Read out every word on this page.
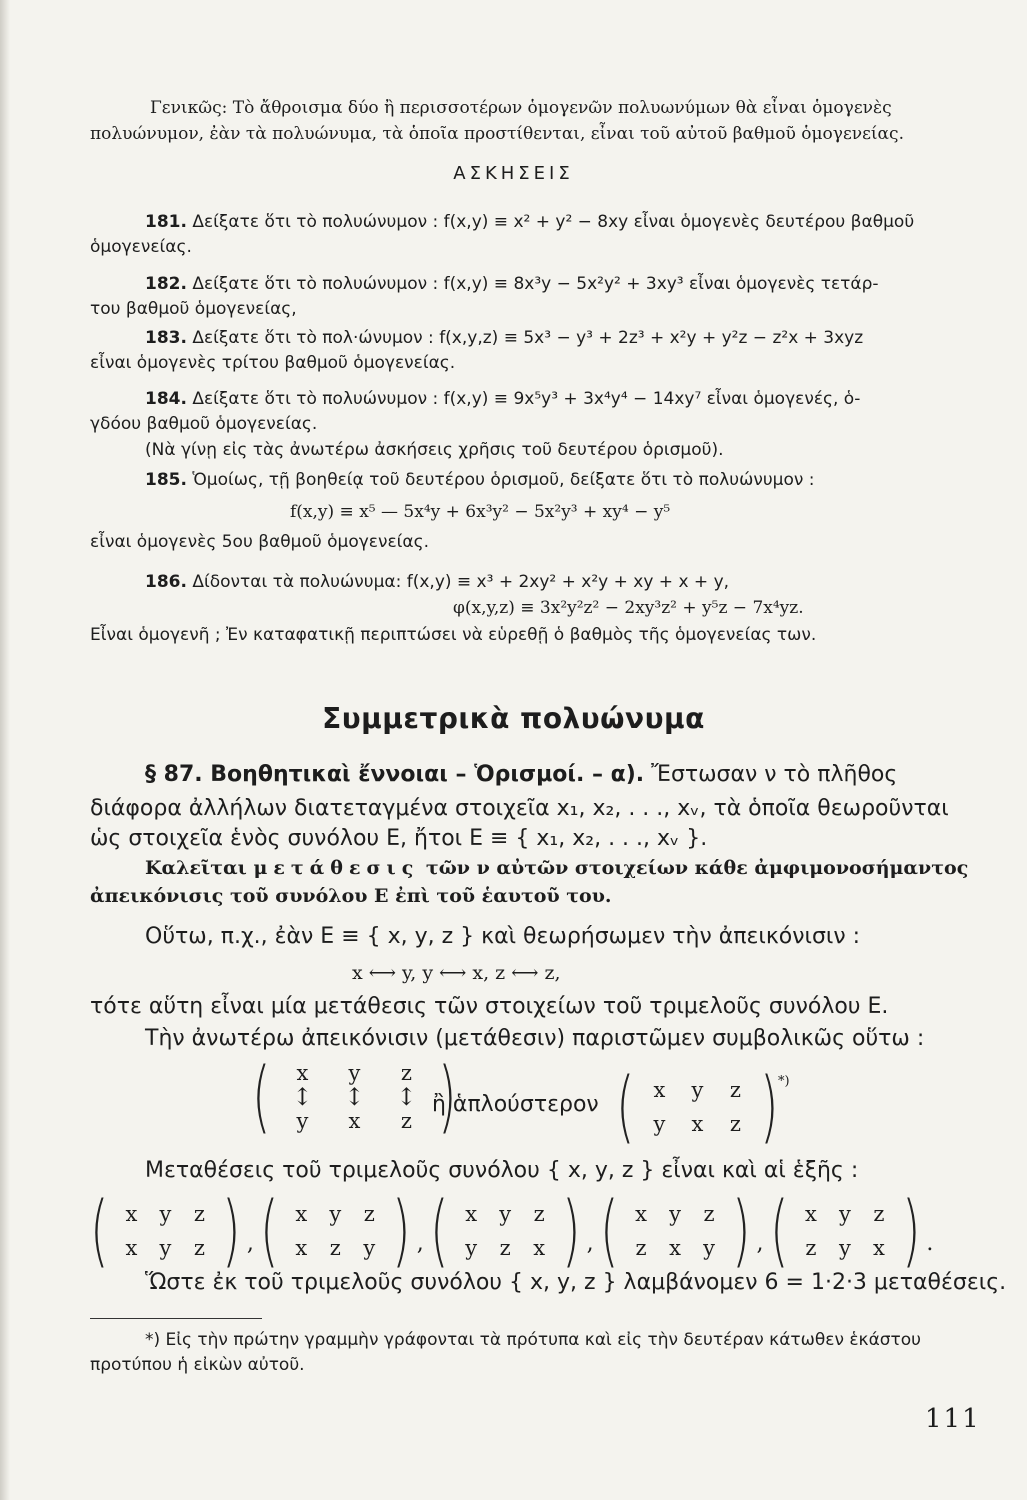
Γενικῶς: Τὸ ἄθροισμα δύο ἢ περισσοτέρων ὁμογενῶν πολυωνύμων θὰ εἶναι ὁμογενὲς

πολυώνυμον, ἐὰν τὰ πολυώνυμα, τὰ ὁποῖα προστίθενται, εἶναι τοῦ αὐτοῦ βαθμοῦ ὁμογενείας.

ΑΣΚΗΣΕΙΣ

181. Δείξατε ὅτι τὸ πολυώνυμον : f(x,y) ≡ x² + y² − 8xy εἶναι ὁμογενὲς δευτέρου βαθμοῦ

ὁμογενείας.

182. Δείξατε ὅτι τὸ πολυώνυμον : f(x,y) ≡ 8x³y − 5x²y² + 3xy³ εἶναι ὁμογενὲς τετάρ-

του βαθμοῦ ὁμογενείας,

183. Δείξατε ὅτι τὸ πολ·ώνυμον : f(x,y,z) ≡ 5x³ − y³ + 2z³ + x²y + y²z − z²x + 3xyz

εἶναι ὁμογενὲς τρίτου βαθμοῦ ὁμογενείας.

184. Δείξατε ὅτι τὸ πολυώνυμον : f(x,y) ≡ 9x⁵y³ + 3x⁴y⁴ − 14xy⁷ εἶναι ὁμογενές, ὁ-

γδόου βαθμοῦ ὁμογενείας.

(Νὰ γίνῃ εἰς τὰς ἀνωτέρω ἀσκήσεις χρῆσις τοῦ δευτέρου ὁρισμοῦ).

185. Ὁμοίως, τῇ βοηθείᾳ τοῦ δευτέρου ὁρισμοῦ, δείξατε ὅτι τὸ πολυώνυμον :

f(x,y) ≡ x⁵ — 5x⁴y + 6x³y² − 5x²y³ + xy⁴ − y⁵

εἶναι ὁμογενὲς 5ου βαθμοῦ ὁμογενείας.

186. Δίδονται τὰ πολυώνυμα: f(x,y) ≡ x³ + 2xy² + x²y + xy + x + y,

φ(x,y,z) ≡ 3x²y²z² − 2xy³z² + y⁵z − 7x⁴yz.

Εἶναι ὁμογενῆ ; Ἐν καταφατικῇ περιπτώσει νὰ εὑρεθῇ ὁ βαθμὸς τῆς ὁμογενείας των.

Συμμετρικὰ πολυώνυμα

§ 87. Βοηθητικαὶ ἔννοιαι – Ὁρισμοί. – α). Ἔστωσαν ν τὸ πλῆθος

διάφορα ἀλλήλων διατεταγμένα στοιχεῖα x₁, x₂, . . ., xᵥ, τὰ ὁποῖα θεωροῦνται

ὡς στοιχεῖα ἑνὸς συνόλου Ε, ἤτοι Ε ≡ { x₁, x₂, . . ., xᵥ }.

Καλεῖται μετάθεσις τῶν ν αὐτῶν στοιχείων κάθε ἀμφιμονοσήμαντος

ἀπεικόνισις τοῦ συνόλου Ε ἐπὶ τοῦ ἑαυτοῦ του.

Οὕτω, π.χ., ἐὰν Ε ≡ { x, y, z } καὶ θεωρήσωμεν τὴν ἀπεικόνισιν :

x ⟷ y, y ⟷ x, z ⟷ z,

τότε αὕτη εἶναι μία μετάθεσις τῶν στοιχείων τοῦ τριμελοῦς συνόλου Ε.

Τὴν ἀνωτέρω ἀπεικόνισιν (μετάθεσιν) παριστῶμεν συμβολικῶς οὕτω :

(	x	y	z
↕	↕	↕
y	x	z )

ἢ ἁπλούστερον ( x	y	z
y	x	z ) *)

Μεταθέσεις τοῦ τριμελοῦς συνόλου { x, y, z } εἶναι καὶ αἱ ἑξῆς :

( x	y	z
x	y	z ) , ( x	y	z
x	z	y ) , ( x	y	z
y	z	x ) , ( x	y	z
z	x	y ) , ( x	y	z
z	y	x ) .

Ὥστε ἐκ τοῦ τριμελοῦς συνόλου { x, y, z } λαμβάνομεν 6 = 1·2·3 μεταθέσεις.

*) Εἰς τὴν πρώτην γραμμὴν γράφονται τὰ πρότυπα καὶ εἰς τὴν δευτέραν κάτωθεν ἑκάστου

προτύπου ἡ εἰκὼν αὐτοῦ.

111
